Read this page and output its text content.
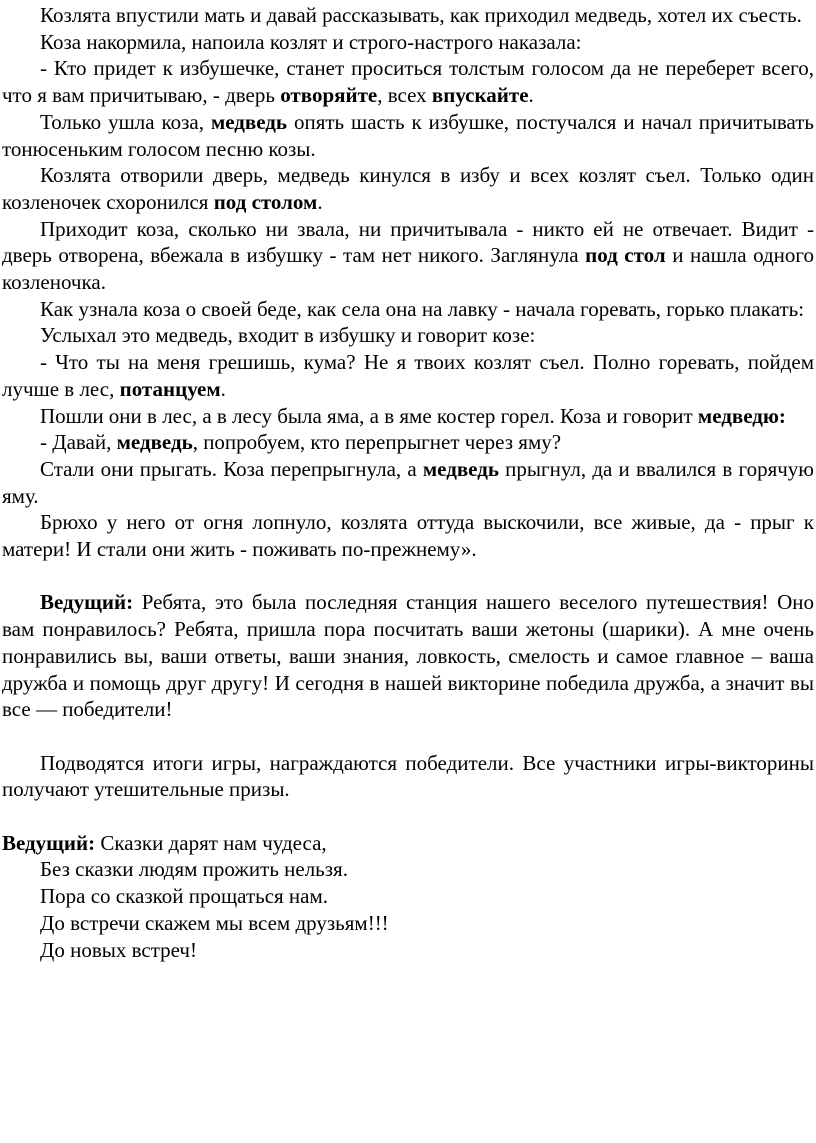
Козлята впустили мать и давай рассказывать, как приходил медведь, хотел их съесть.

Коза накормила, напоила козлят и строго-настрого наказала:

- Кто придет к избушечке, станет проситься толстым голосом да не переберет всего, что я вам причитываю, - дверь отворяйте, всех впускайте.

Только ушла коза, медведь опять шасть к избушке, постучался и начал причитывать тонюсеньким голосом песню козы.

Козлята отворили дверь, медведь кинулся в избу и всех козлят съел. Только один козленочек схоронился под столом.

Приходит коза, сколько ни звала, ни причитывала - никто ей не отвечает. Видит - дверь отворена, вбежала в избушку - там нет никого. Заглянула под стол и нашла одного козленочка.

Как узнала коза о своей беде, как села она на лавку - начала горевать, горько плакать:

Услыхал это медведь, входит в избушку и говорит козе:

- Что ты на меня грешишь, кума? Не я твоих козлят съел. Полно горевать, пойдем лучше в лес, потанцуем.

Пошли они в лес, а в лесу была яма, а в яме костер горел. Коза и говорит медведю:

- Давай, медведь, попробуем, кто перепрыгнет через яму?

Стали они прыгать. Коза перепрыгнула, а медведь прыгнул, да и ввалился в горячую яму.

Брюхо у него от огня лопнуло, козлята оттуда выскочили, все живые, да - прыг к матери! И стали они жить - поживать по-прежнему».

Ведущий: Ребята, это была последняя станция нашего веселого путешествия! Оно вам понравилось? Ребята, пришла пора посчитать ваши жетоны (шарики). А мне очень понравились вы, ваши ответы, ваши знания, ловкость, смелость и самое главное – ваша дружба и помощь друг другу! И сегодня в нашей викторине победила дружба, а значит вы все — победители!

Подводятся итоги игры, награждаются победители. Все участники игры-викторины получают утешительные призы.

Ведущий: Сказки дарят нам чудеса,

Без сказки людям прожить нельзя.

Пора со сказкой прощаться нам.

До встречи скажем мы всем друзьям!!!

До новых встреч!
